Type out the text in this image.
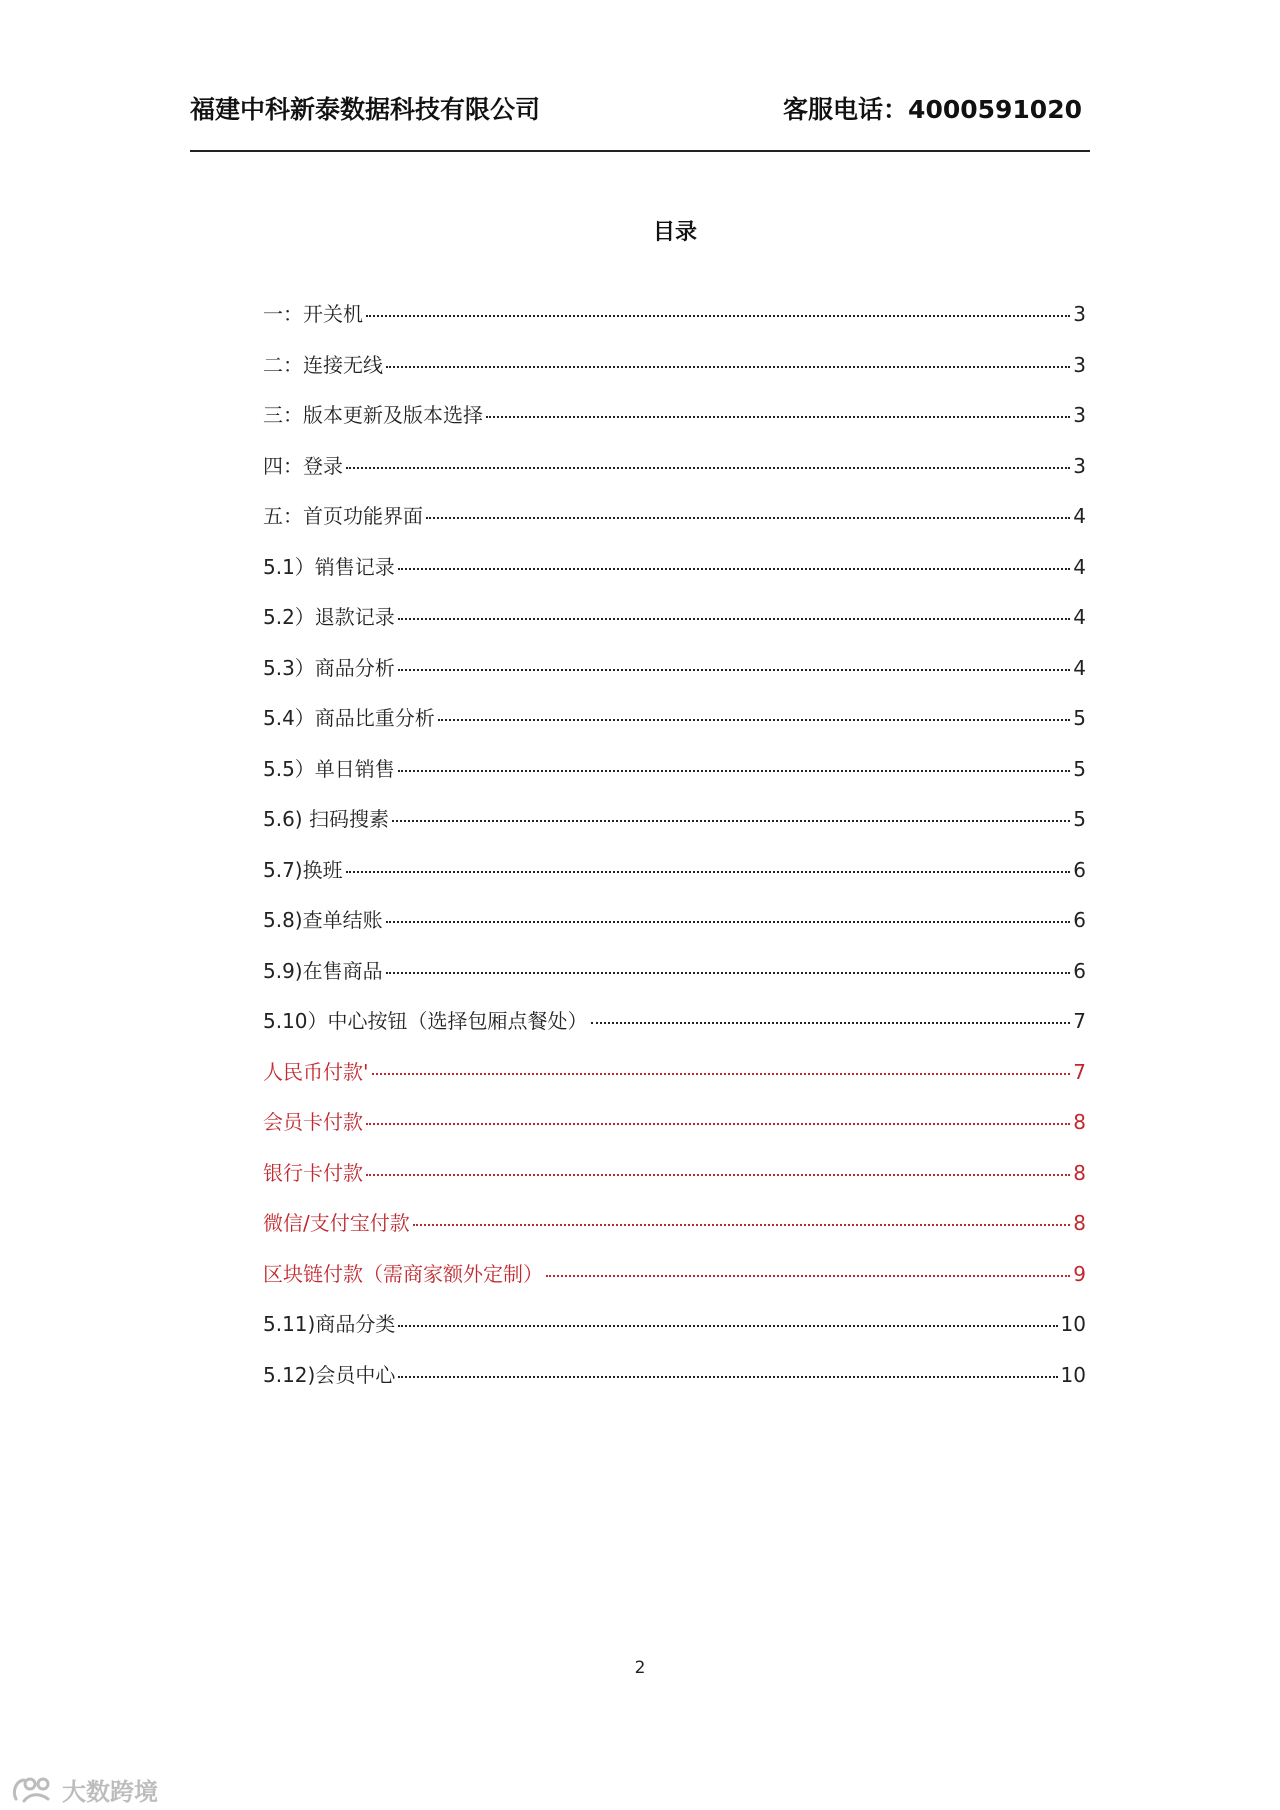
福建中科新泰数据科技有限公司	客服电话：4000591020
目录
一：开关机	3
二：连接无线	3
三：版本更新及版本选择	3
四：登录	3
五：首页功能界面	4
5.1）销售记录	4
5.2）退款记录	4
5.3）商品分析	4
5.4）商品比重分析	5
5.5）单日销售	5
5.6) 扫码搜素	5
5.7)换班	6
5.8)查单结账	6
5.9)在售商品	6
5.10）中心按钮（选择包厢点餐处）	7
人民币付款'	7
会员卡付款	8
银行卡付款	8
微信/支付宝付款	8
区块链付款（需商家额外定制）	9
5.11)商品分类	10
5.12)会员中心	10
2
大数跨境
